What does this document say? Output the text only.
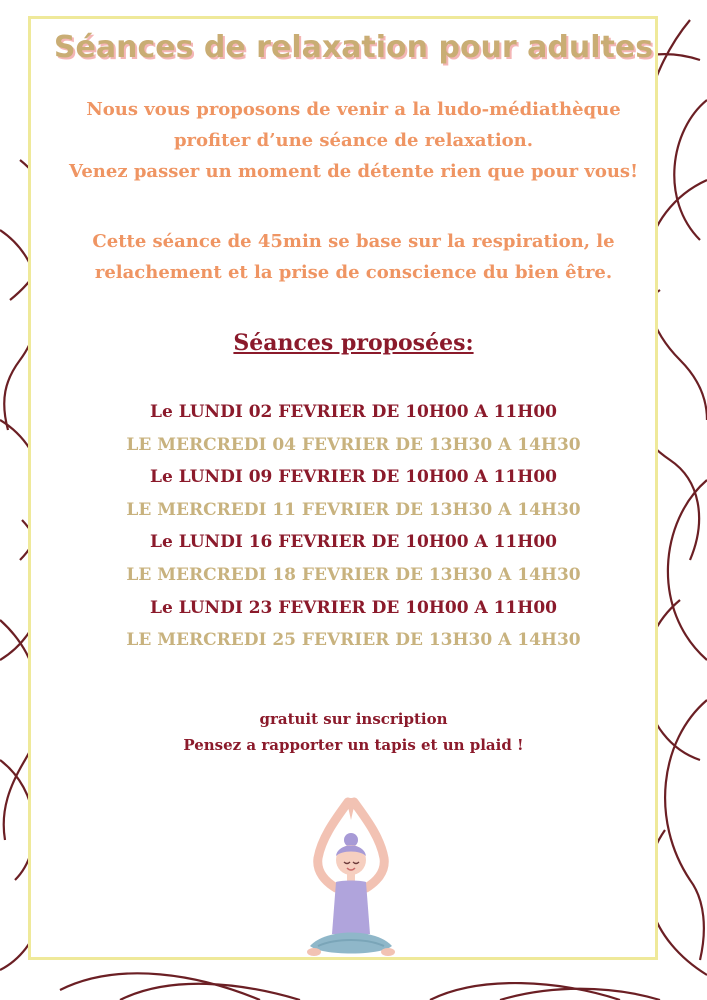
Séances de relaxation pour adultes

Nous vous proposons de venir a la ludo-médiathèque

profiter d’une séance de relaxation.

Venez passer un moment de détente rien que pour vous!

Cette séance de 45min se base sur la respiration, le

relachement et la prise de conscience du bien être.

Séances proposées:
Le LUNDI 02 FEVRIER DE 10H00 A 11H00
LE MERCREDI 04 FEVRIER DE 13H30 A 14H30
Le LUNDI 09 FEVRIER DE 10H00 A 11H00
LE MERCREDI 11 FEVRIER DE 13H30 A 14H30
Le LUNDI 16 FEVRIER DE 10H00 A 11H00
LE MERCREDI 18 FEVRIER DE 13H30 A 14H30
Le LUNDI 23 FEVRIER DE 10H00 A 11H00
LE MERCREDI 25 FEVRIER DE 13H30 A 14H30
gratuit sur inscription
Pensez a rapporter un tapis et un plaid !
